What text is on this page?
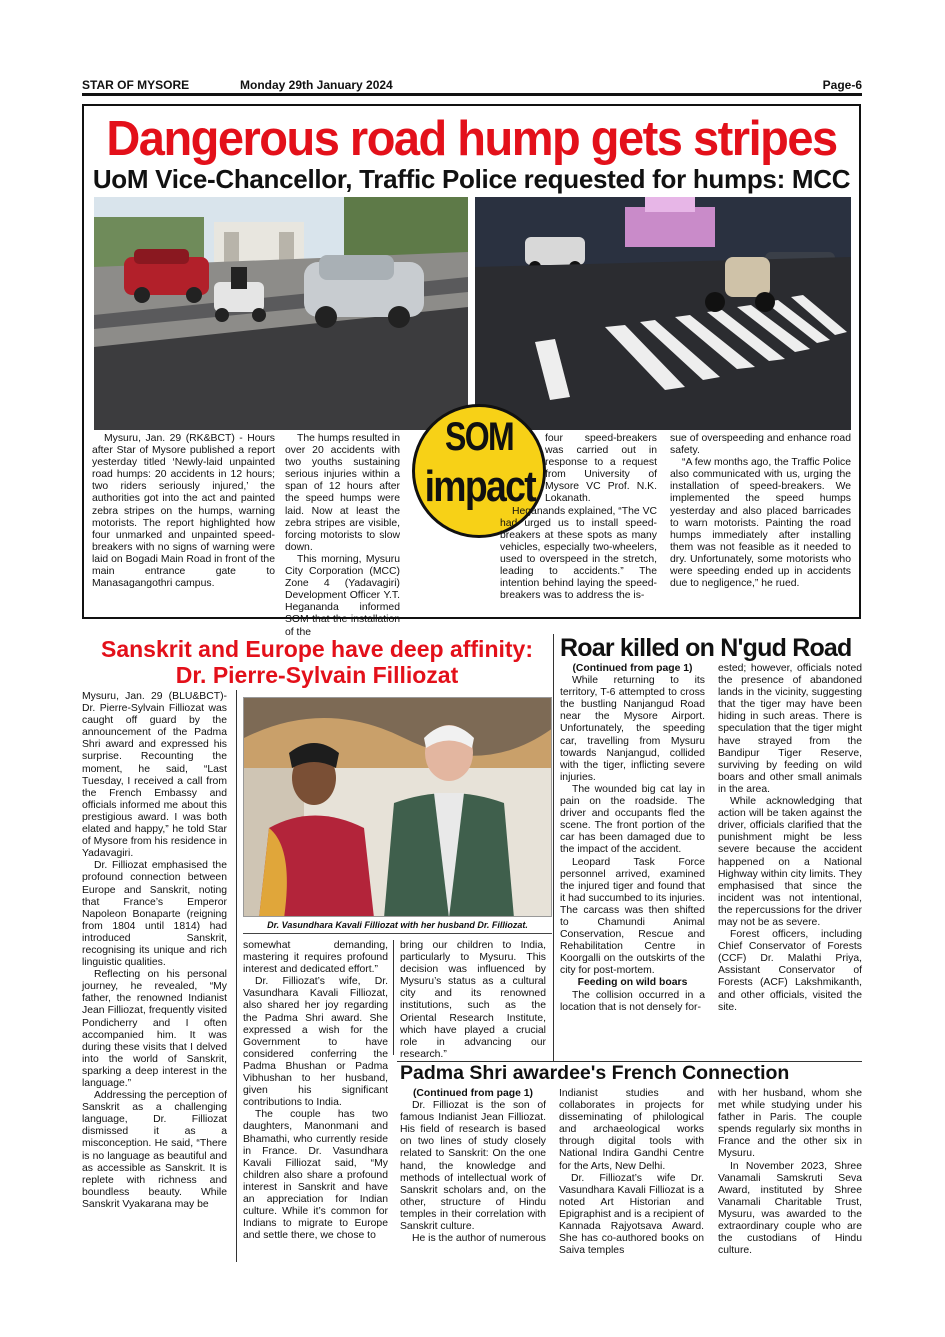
STAR OF MYSORE	Monday 29th January 2024	Page-6
Dangerous road hump gets stripes
UoM Vice-Chancellor, Traffic Police requested for humps: MCC
SOM
impact

Mysuru, Jan. 29 (RK&BCT) - Hours after Star of Mysore published a report yesterday titled ‘Newly-laid unpainted road humps: 20 accidents in 12 hours; two riders seriously injured,’ the authorities got into the act and painted zebra stripes on the humps, warning motorists. The report highlighted how four unmarked and unpainted speed-breakers with no signs of warning were laid on Bogadi Main Road in front of the main entrance gate to Manasagangothri campus.

The humps resulted in over 20 accidents with two youths sustaining serious injuries within a span of 12 hours after the speed humps were laid. Now at least the zebra stripes are visible, forcing motorists to slow down.

This morning, Mysuru City Corporation (MCC) Zone 4 (Yadavagiri) Development Officer Y.T. Hegananda informed SOM that the installation of the

four speed-breakers was carried out in response to a request from University of Mysore VC Prof. N.K. Lokanath.

Heganands explained, “The VC had urged us to install speed-breakers at these spots as many vehicles, especially two-wheelers, used to overspeed in the stretch, leading to accidents.” The intention behind laying the speed-breakers was to address the is-

sue of overspeeding and enhance road safety.

“A few months ago, the Traffic Police also communicated with us, urging the installation of speed-breakers. We implemented the speed humps yesterday and also placed barricades to warn motorists. Painting the road humps immediately after installing them was not feasible as it needed to dry. Unfortunately, some motorists who were speeding ended up in accidents due to negligence,” he rued.

Sanskrit and Europe have deep affinity:
Dr. Pierre-Sylvain Filliozat
Dr. Vasundhara Kavali Filliozat with her husband Dr. Filliozat.

Mysuru, Jan. 29 (BLU&BCT)- Dr. Pierre-Sylvain Filliozat was caught off guard by the announcement of the Padma Shri award and expressed his surprise. Recounting the moment, he said, “Last Tuesday, I received a call from the French Embassy and officials informed me about this prestigious award. I was both elated and happy,” he told Star of Mysore from his residence in Yadavagiri.

Dr. Filliozat emphasised the profound connection between Europe and Sanskrit, noting that France’s Emperor Napoleon Bonaparte (reigning from 1804 until 1814) had introduced Sanskrit, recognising its unique and rich linguistic qualities.

Reflecting on his personal journey, he revealed, “My father, the renowned Indianist Jean Filliozat, frequently visited Pondicherry and I often accompanied him. It was during these visits that I delved into the world of Sanskrit, sparking a deep interest in the language.”

Addressing the perception of Sanskrit as a challenging language, Dr. Filliozat dismissed it as a misconception. He said, “There is no language as beautiful and as accessible as Sanskrit. It is replete with richness and boundless beauty. While Sanskrit Vyakarana may be

somewhat demanding, mastering it requires profound interest and dedicated effort.”

Dr. Filliozat’s wife, Dr. Vasundhara Kavali Filliozat, also shared her joy regarding the Padma Shri award. She expressed a wish for the Government to have considered conferring the Padma Bhushan or Padma Vibhushan to her husband, given his significant contributions to India.

The couple has two daughters, Manonmani and Bhamathi, who currently reside in France. Dr. Vasundhara Kavali Filliozat said, “My children also share a profound interest in Sanskrit and have an appreciation for Indian culture. While it’s common for Indians to migrate to Europe and settle there, we chose to

bring our children to India, particularly to Mysuru. This decision was influenced by Mysuru’s status as a cultural city and its renowned institutions, such as the Oriental Research Institute, which have played a crucial role in advancing our research.”

Roar killed on N'gud Road

(Continued from page 1)

While returning to its territory, T-6 attempted to cross the bustling Nanjangud Road near the Mysore Airport. Unfortunately, the speeding car, travelling from Mysuru towards Nanjangud, collided with the tiger, inflicting severe injuries.

The wounded big cat lay in pain on the roadside. The driver and occupants fled the scene. The front portion of the car has been damaged due to the impact of the accident.

Leopard Task Force personnel arrived, examined the injured tiger and found that it had succumbed to its injuries. The carcass was then shifted to Chamundi Animal Conservation, Rescue and Rehabilitation Centre in Koorgalli on the outskirts of the city for post-mortem.

Feeding on wild boars

The collision occurred in a location that is not densely for-

ested; however, officials noted the presence of abandoned lands in the vicinity, suggesting that the tiger may have been hiding in such areas. There is speculation that the tiger might have strayed from the Bandipur Tiger Reserve, surviving by feeding on wild boars and other small animals in the area.

While acknowledging that action will be taken against the driver, officials clarified that the punishment might be less severe because the accident happened on a National Highway within city limits. They emphasised that since the incident was not intentional, the repercussions for the driver may not be as severe.

Forest officers, including Chief Conservator of Forests (CCF) Dr. Malathi Priya, Assistant Conservator of Forests (ACF) Lakshmikanth, and other officials, visited the site.

Padma Shri awardee's French Connection

(Continued from page 1)

Dr. Filliozat is the son of famous Indianist Jean Filliozat. His field of research is based on two lines of study closely related to Sanskrit: On the one hand, the knowledge and methods of intellectual work of Sanskrit scholars and, on the other, structure of Hindu temples in their correlation with Sanskrit culture.

He is the author of numerous

Indianist studies and collaborates in projects for disseminating of philological and archaeological works through digital tools with National Indira Gandhi Centre for the Arts, New Delhi.

Dr. Filliozat’s wife Dr. Vasundhara Kavali Filliozat is a noted Art Historian and Epigraphist and is a recipient of Kannada Rajyotsava Award. She has co-authored books on Saiva temples

with her husband, whom she met while studying under his father in Paris. The couple spends regularly six months in France and the other six in Mysuru.

In November 2023, Shree Vanamali Samskruti Seva Award, instituted by Shree Vanamali Charitable Trust, Mysuru, was awarded to the extraordinary couple who are the custodians of Hindu culture.
